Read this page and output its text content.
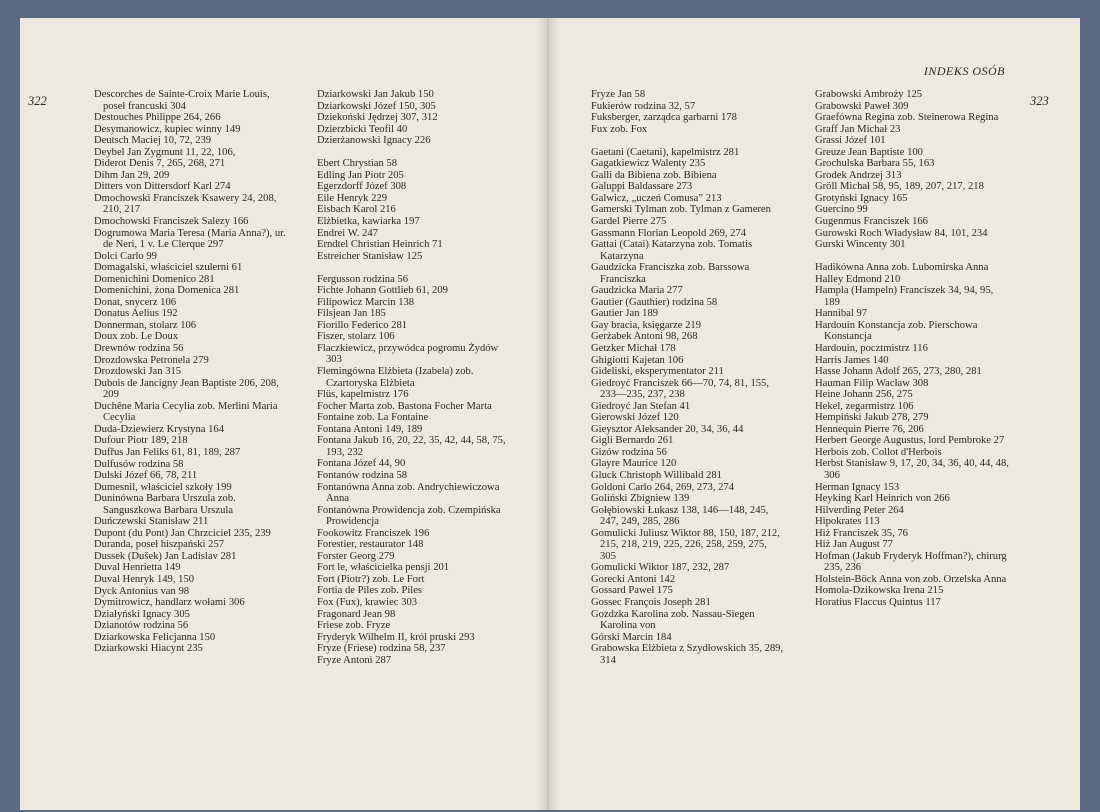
322	323
INDEKS OSÓB
Descorches de Sainte-Croix Marie Louis, poseł francuski 304
Destouches Philippe 264, 266
Desymanowicz, kupiec winny 149
Deutsch Maciej 10, 72, 239
Deybel Jan Zygmunt 11, 22, 106,
Diderot Denis 7, 265, 268, 271
Dihm Jan 29, 209
Ditters von Dittersdorf Karl 274
Dmochowski Franciszek Ksawery 24, 208, 210, 217
Dmochowski Franciszek Salezy 166
Dogrumowa Maria Teresa (Maria Anna?), ur. de Neri, 1 v. Le Clerque 297
Dolci Carlo 99
Domagalski, właściciel szulerni 61
Domenichini Domenico 281
Domenichini, żona Domenica 281
Donat, snycerz 106
Donatus Aelius 192
Donnerman, stolarz 106
Doux zob. Le Doux
Drewnów rodzina 56
Drozdowska Petronela 279
Drozdowski Jan 315
Dubois de Jancigny Jean Baptiste 206, 208, 209
Duchêne Maria Cecylia zob. Merlini Maria Cecylia
Duda-Dziewierz Krystyna 164
Dufour Piotr 189, 218
Dufřus Jan Feliks 61, 81, 189, 287
Dulfusów rodzina 58
Dulski Józef 66, 78, 211
Dumesnil, właściciel szkoły 199
Duninówna Barbara Urszula zob. Sanguszkowa Barbara Urszula
Duńczewski Stanisław 211
Dupont (du Pont) Jan Chrzciciel 235, 239
Duranda, poseł hiszpański 257
Dussek (Dušek) Jan Ladislav 281
Duval Henrietta 149
Duval Henryk 149, 150
Dyck Antonius van 98
Dymitrowicz, handlarz wołami 306
Działyński Ignacy 305
Dzianotów rodzina 56
Dziarkowska Felicjanna 150
Dziarkowski Hiacynt 235
Dziarkowski Jan Jakub 150
Dziarkowski Józef 150, 305
Dziekoński Jędrzej 307, 312
Dzierzbicki Teofil 40
Dzierżanowski Ignacy 226
Ebert Chrystian 58
Edling Jan Piotr 205
Egerzdorff Józef 308
Eile Henryk 229
Eisbach Karol 216
Elżbietka, kawiarka 197
Endrei W. 247
Erndtel Christian Heinrich 71
Estreicher Stanisław 125
Fergusson rodzina 56
Fichte Johann Gottlieb 61, 209
Filipowicz Marcin 138
Filsjean Jan 185
Fiorillo Federico 281
Fiszer, stolarz 106
Flaczkiewicz, przywódca pogromu Żydów 303
Flemingówna Elżbieta (Izabela) zob. Czartoryska Elżbieta
Flüs, kapelmistrz 176
Focher Marta zob. Bastona Focher Marta
Fontaine zob. La Fontaine
Fontana Antoni 149, 189
Fontana Jakub 16, 20, 22, 35, 42, 44, 58, 75, 193, 232
Fontana Józef 44, 90
Fontanów rodzina 58
Fontanówna Anna zob. Andrychiewiczowa Anna
Fontanówna Prowidencja zob. Czempińska Prowidencja
Fookowitz Franciszek 196
Forestier, restaurator 148
Forster Georg 279
Fort le, właścicielka pensji 201
Fort (Piotr?) zob. Le Fort
Fortia de Piles zob. Piles
Fox (Fux), krawiec 303
Fragonard Jean 98
Friese zob. Fryze
Fryderyk Wilhelm II, król pruski 293
Fryze (Friese) rodzina 58, 237
Fryze Antoni 287
Fryze Jan 58
Fukierów rodzina 32, 57
Fuksberger, zarządca garbarni 178
Fux zob. Fox
Gaetani (Caetani), kapelmistrz 281
Gagatkiewicz Walenty 235
Galli da Bibiena zob. Bibiena
Galuppi Baldassare 273
Galwicz, „uczeń Comusa” 213
Gamerski Tylman zob. Tylman z Gameren
Gardel Pierre 275
Gassmann Florian Leopold 269, 274
Gattai (Catai) Katarzyna zob. Tomatis Katarzyna
Gaudzicka Franciszka zob. Barssowa Franciszka
Gaudzicka Maria 277
Gautier (Gauthier) rodzina 58
Gautier Jan 189
Gay bracia, księgarze 219
Gerżabek Antoni 98, 268
Getzker Michał 178
Ghigiotti Kajetan 106
Gideliski, eksperymentator 211
Giedroyć Franciszek 66—70, 74, 81, 155, 233—235, 237, 238
Giedroyć Jan Stefan 41
Gierowski Józef 120
Gieysztor Aleksander 20, 34, 36, 44
Gigli Bernardo 261
Gizów rodzina 56
Glayre Maurice 120
Gluck Christoph Willibald 281
Goldoni Carlo 264, 269, 273, 274
Goliński Zbigniew 139
Gołębiowski Łukasz 138, 146—148, 245, 247, 249, 285, 286
Gomulicki Juliusz Wiktor 88, 150, 187, 212, 215, 218, 219, 225, 226, 258, 259, 275, 305
Gomulicki Wiktor 187, 232, 287
Gorecki Antoni 142
Gossard Paweł 175
Gossec François Joseph 281
Gozdzka Karolina zob. Nassau-Siegen Karolina von
Górski Marcin 184
Grabowska Elżbieta z Szydłowskich 35, 289, 314
Grabowski Ambroży 125
Grabowski Paweł 309
Graefówna Regina zob. Steinerowa Regina
Graff Jan Michał 23
Grassi Józef 101
Greuze Jean Baptiste 100
Grochulska Barbara 55, 163
Grodek Andrzej 313
Gröll Michał 58, 95, 189, 207, 217, 218
Grotyński Ignacy 165
Guercino 99
Gugenmus Franciszek 166
Gurowski Roch Władysław 84, 101, 234
Gurski Wincenty 301
Hadikówna Anna zob. Lubomirska Anna
Halley Edmond 210
Hampla (Hampeln) Franciszek 34, 94, 95, 189
Hannibal 97
Hardouin Konstancja zob. Pierschowa Konstancja
Hardouin, pocztmistrz 116
Harris James 140
Hasse Johann Adolf 265, 273, 280, 281
Hauman Filip Wacław 308
Heine Johann 256, 275
Hekel, zegarmistrz 106
Hempiński Jakub 278, 279
Hennequin Pierre 76, 206
Herbert George Augustus, lord Pembroke 27
Herbois zob. Collot d'Herbois
Herbst Stanisław 9, 17, 20, 34, 36, 40, 44, 48, 306
Herman Ignacy 153
Heyking Karl Heinrich von 266
Hilverding Peter 264
Hipokrates 113
Hiż Franciszek 35, 76
Hiż Jan August 77
Hofman (Jakub Fryderyk Hoffman?), chirurg 235, 236
Holstein-Böck Anna von zob. Orzelska Anna
Homola-Dzikowska Irena 215
Horatius Flaccus Quintus 117
